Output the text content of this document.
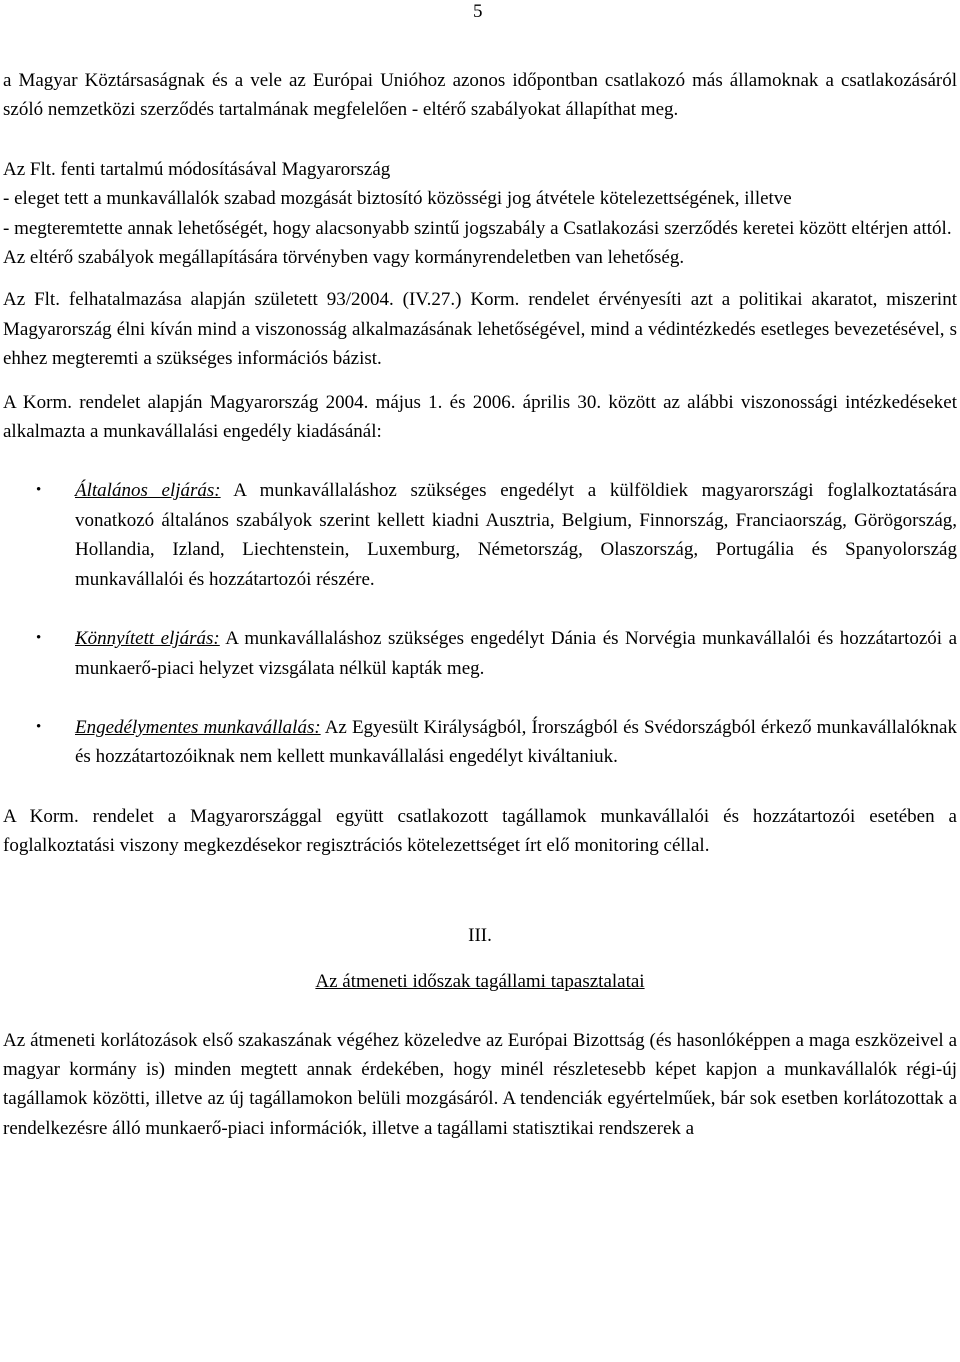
5

a Magyar Köztársaságnak és a vele az Európai Unióhoz azonos időpontban csatlakozó más államoknak a csatlakozásáról szóló nemzetközi szerződés tartalmának megfelelően - eltérő szabályokat állapíthat meg.

Az Flt. fenti tartalmú módosításával Magyarország

- eleget tett a munkavállalók szabad mozgását biztosító közösségi jog átvétele kötelezettségének, illetve

- megteremtette annak lehetőségét, hogy alacsonyabb szintű jogszabály a Csatlakozási szerződés keretei között eltérjen attól.

Az eltérő szabályok megállapítására törvényben vagy kormányrendeletben van lehetőség.

Az Flt. felhatalmazása alapján született 93/2004. (IV.27.) Korm. rendelet érvényesíti azt a politikai akaratot, miszerint Magyarország élni kíván mind a viszonosság alkalmazásának lehetőségével, mind a védintézkedés esetleges bevezetésével, s ehhez megteremti a szükséges információs bázist.

A Korm. rendelet alapján Magyarország 2004. május 1. és 2006. április 30. között az alábbi viszonossági intézkedéseket alkalmazta a munkavállalási engedély kiadásánál:

• Általános eljárás: A munkavállaláshoz szükséges engedélyt a külföldiek magyarországi foglalkoztatására vonatkozó általános szabályok szerint kellett kiadni Ausztria, Belgium, Finnország, Franciaország, Görögország, Hollandia, Izland, Liechtenstein, Luxemburg, Németország, Olaszország, Portugália és Spanyolország munkavállalói és hozzátartozói részére.
• Könnyített eljárás: A munkavállaláshoz szükséges engedélyt Dánia és Norvégia munkavállalói és hozzátartozói a munkaerő-piaci helyzet vizsgálata nélkül kapták meg.
• Engedélymentes munkavállalás: Az Egyesült Királyságból, Írországból és Svédországból érkező munkavállalóknak és hozzátartozóiknak nem kellett munkavállalási engedélyt kiváltaniuk.

A Korm. rendelet a Magyarországgal együtt csatlakozott tagállamok munkavállalói és hozzátartozói esetében a foglalkoztatási viszony megkezdésekor regisztrációs kötelezettséget írt elő monitoring céllal.

III.

Az átmeneti időszak tagállami tapasztalatai

Az átmeneti korlátozások első szakaszának végéhez közeledve az Európai Bizottság (és hasonlóképpen a maga eszközeivel a magyar kormány is) minden megtett annak érdekében, hogy minél részletesebb képet kapjon a munkavállalók régi-új tagállamok közötti, illetve az új tagállamokon belüli mozgásáról. A tendenciák egyértelműek, bár sok esetben korlátozottak a rendelkezésre álló munkaerő-piaci információk, illetve a tagállami statisztikai rendszerek a
